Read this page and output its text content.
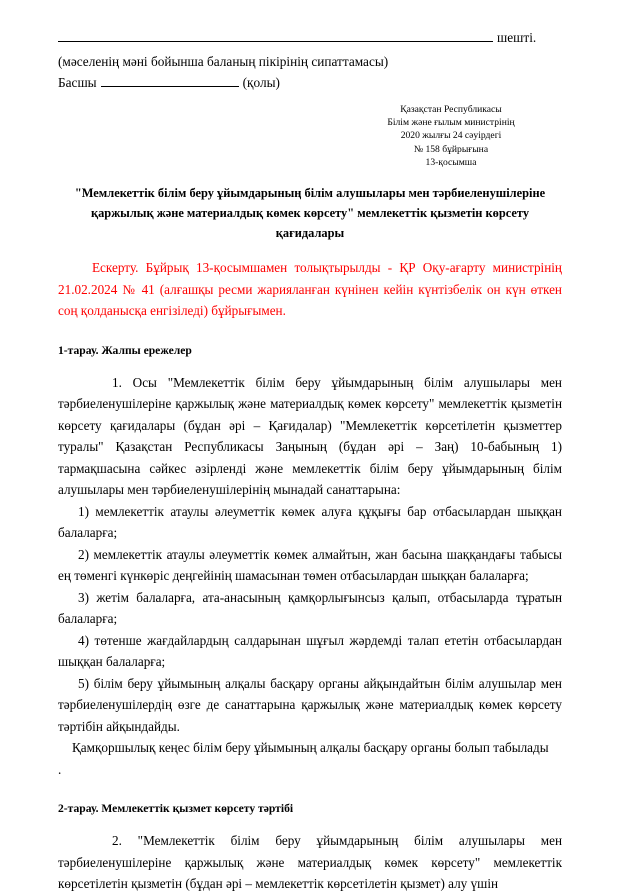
шешті.
(мәселенің мәні бойынша баланың пікірінің сипаттамасы)
Басшы	(қолы)
Қазақстан Республикасы
Білім және ғылым министрінің
2020 жылғы 24 сәуірдегі
№ 158 бұйрығына
13-қосымша
"Мемлекеттік білім беру ұйымдарының білім алушылары мен тәрбиеленушілеріне қаржылық және материалдық көмек көрсету" мемлекеттік қызметін көрсету қағидалары
Ескерту. Бұйрық 13-қосымшамен толықтырылды - ҚР Оқу-ағарту министрінің 21.02.2024 № 41 (алғашқы ресми жарияланған күнінен кейін күнтізбелік он күн өткен соң қолданысқа енгізіледі) бұйрығымен.
1-тарау. Жалпы ережелер

1. Осы "Мемлекеттік білім беру ұйымдарының білім алушылары мен тәрбиеленушілеріне қаржылық және материалдық көмек көрсету" мемлекеттік қызметін көрсету қағидалары (бұдан әрі – Қағидалар) "Мемлекеттік көрсетілетін қызметтер туралы" Қазақстан Республикасы Заңының (бұдан әрі – Заң) 10-бабының 1) тармақшасына сәйкес әзірленді және мемлекеттік білім беру ұйымдарының білім алушылары мен тәрбиеленушілерінің мынадай санаттарына:

1) мемлекеттік атаулы әлеуметтік көмек алуға құқығы бар отбасылардан шыққан балаларға;

2) мемлекеттік атаулы әлеуметтік көмек алмайтын, жан басына шаққандағы табысы ең төменгі күнкөріс деңгейінің шамасынан төмен отбасылардан шыққан балаларға;

3) жетім балаларға, ата-анасының қамқорлығынсыз қалып, отбасыларда тұратын балаларға;

4) төтенше жағдайлардың салдарынан шұғыл жәрдемді талап ететін отбасылардан шыққан балаларға;

5) білім беру ұйымының алқалы басқару органы айқындайтын білім алушылар мен тәрбиеленушілердің өзге де санаттарына қаржылық және материалдық көмек көрсету тәртібін айқындайды.

Қамқоршылық кеңес білім беру ұйымының алқалы басқару органы болып табылады

.

2-тарау. Мемлекеттік қызмет көрсету тәртібі

2. "Мемлекеттік білім беру ұйымдарының білім алушылары мен тәрбиеленушілеріне қаржылық және материалдық көмек көрсету" мемлекеттік көрсетілетін қызметін (бұдан әрі – мемлекеттік көрсетілетін қызмет) алу үшін
